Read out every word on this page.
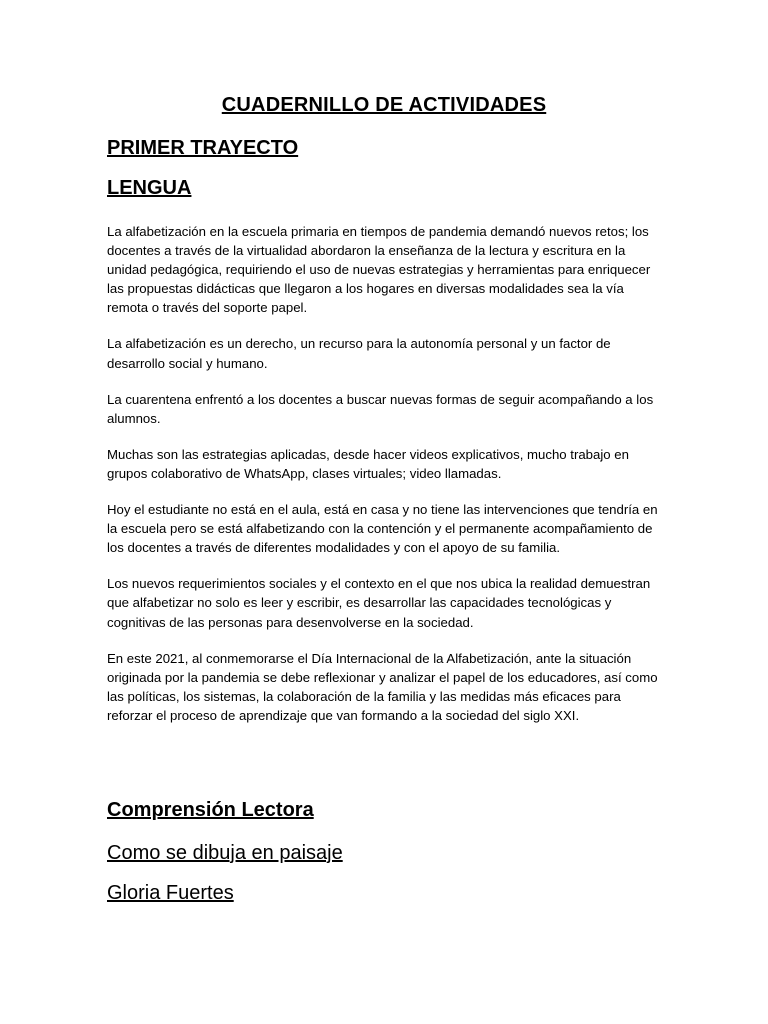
CUADERNILLO DE ACTIVIDADES
PRIMER TRAYECTO
LENGUA

La alfabetización en la escuela primaria en tiempos de pandemia demandó nuevos retos; los docentes a través de la virtualidad abordaron la enseñanza de la lectura y escritura en la unidad pedagógica, requiriendo el uso de nuevas estrategias y herramientas para enriquecer las propuestas didácticas que llegaron a los hogares en diversas modalidades sea la vía remota o través del soporte papel.

La alfabetización es un derecho, un recurso para la autonomía personal y un factor de desarrollo social y humano.

La cuarentena enfrentó a los docentes a buscar nuevas formas de seguir acompañando a los alumnos.

Muchas son las estrategias aplicadas, desde hacer videos explicativos, mucho trabajo en grupos colaborativo de WhatsApp, clases virtuales; video llamadas.

Hoy el estudiante no está en el aula, está en casa y no tiene las intervenciones que tendría en la escuela pero se está alfabetizando con la contención y el permanente acompañamiento de los docentes a través de diferentes modalidades y con el apoyo de su familia.

Los nuevos requerimientos sociales y el contexto en el que nos ubica la realidad demuestran que alfabetizar no solo es leer y escribir, es desarrollar las capacidades tecnológicas y cognitivas de las personas para desenvolverse en la sociedad.

En este 2021, al conmemorarse el Día Internacional de la Alfabetización, ante la situación originada por la pandemia se debe reflexionar y analizar el papel de los educadores, así como las políticas, los sistemas, la colaboración de la familia y las medidas más eficaces para reforzar el proceso de aprendizaje que van formando a la sociedad del siglo XXI.

Comprensión Lectora
Como se dibuja en paisaje
Gloria Fuertes
